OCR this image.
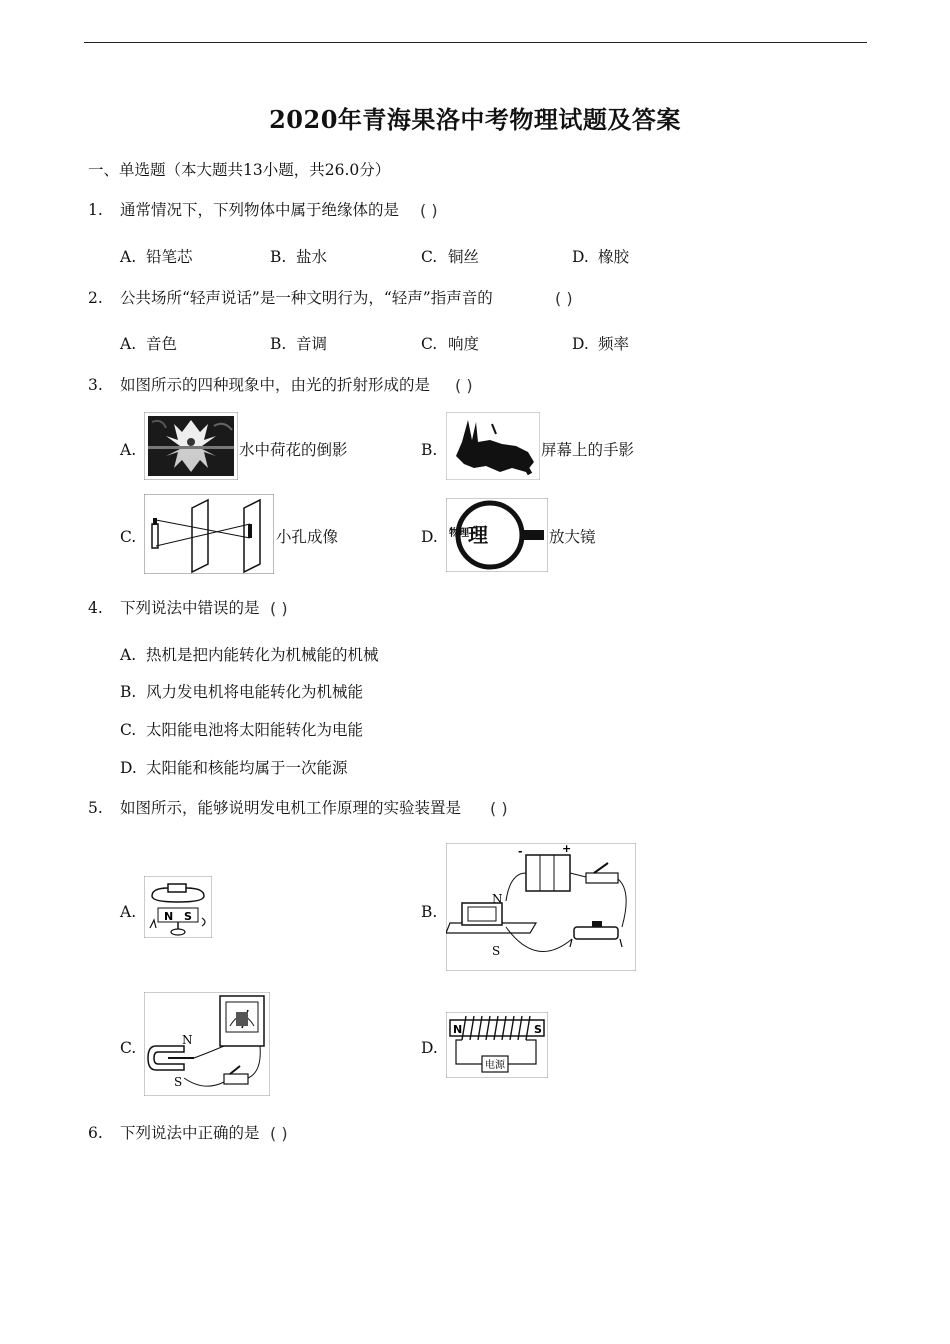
2020年青海果洛中考物理试题及答案
一、单选题（本大题共13小题，共26.0分）
1. 通常情况下，下列物体中属于绝缘体的是 ( )
A. 铅笔芯	B. 盐水	C. 铜丝	D. 橡胶
2. 公共场所“轻声说话”是一种文明行为，“轻声”指声音的	( )
A. 音色	B. 音调	C. 响度	D. 频率
3. 如图所示的四种现象中，由光的折射形成的是 ( )
A.	水中荷花的倒影	B.	屏幕上的手影
C.	小孔成像	D. 物理 理	放大镜
4. 下列说法中错误的是 ( )
A. 热机是把内能转化为机械能的机械
B. 风力发电机将电能转化为机械能
C. 太阳能电池将太阳能转化为电能
D. 太阳能和核能均属于一次能源
5. 如图所示，能够说明发电机工作原理的实验装置是 ( )
A.	N S	B.
-	+
N
S
C.	N
S
D.
N	S
电源
6. 下列说法中正确的是 ( )
